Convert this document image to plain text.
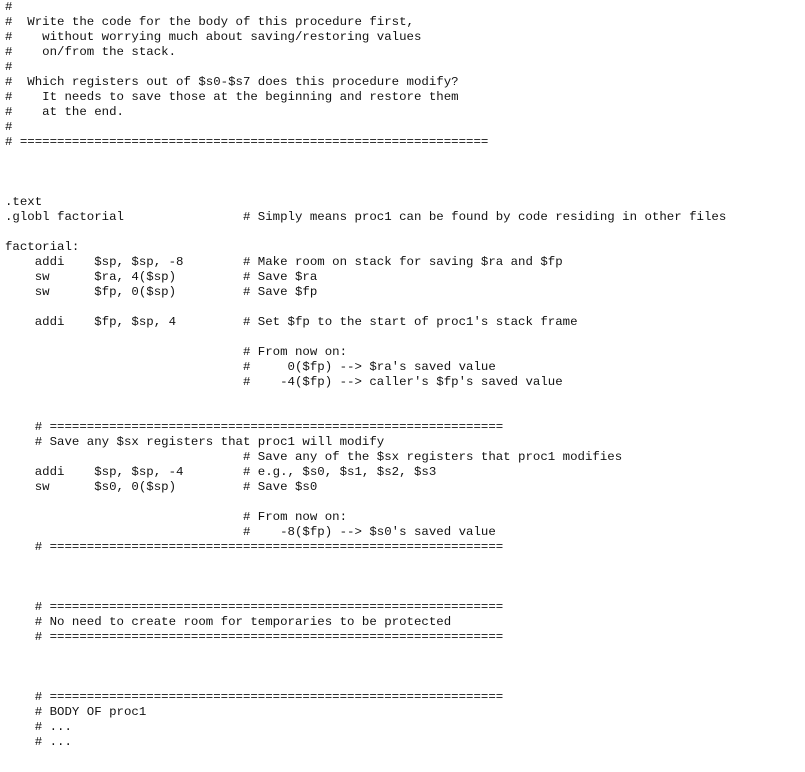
#
#  Write the code for the body of this procedure first,
#    without worrying much about saving/restoring values
#    on/from the stack.
#
#  Which registers out of $s0-$s7 does this procedure modify?
#    It needs to save those at the beginning and restore them
#    at the end.
#
# ===============================================================
.text
.globl factorial                # Simply means proc1 can be found by code residing in other files
factorial:
addi    $sp, $sp, -8        # Make room on stack for saving $ra and $fp
sw      $ra, 4($sp)         # Save $ra
sw      $fp, 0($sp)         # Save $fp
addi    $fp, $sp, 4         # Set $fp to the start of proc1's stack frame
# From now on:
#     0($fp) --> $ra's saved value
#    -4($fp) --> caller's $fp's saved value
# =============================================================
# Save any $sx registers that proc1 will modify
# Save any of the $sx registers that proc1 modifies
addi    $sp, $sp, -4        # e.g., $s0, $s1, $s2, $s3
sw      $s0, 0($sp)         # Save $s0
# From now on:
#    -8($fp) --> $s0's saved value
# =============================================================
# =============================================================
# No need to create room for temporaries to be protected
# =============================================================
# =============================================================
# BODY OF proc1
# ...
# ...
